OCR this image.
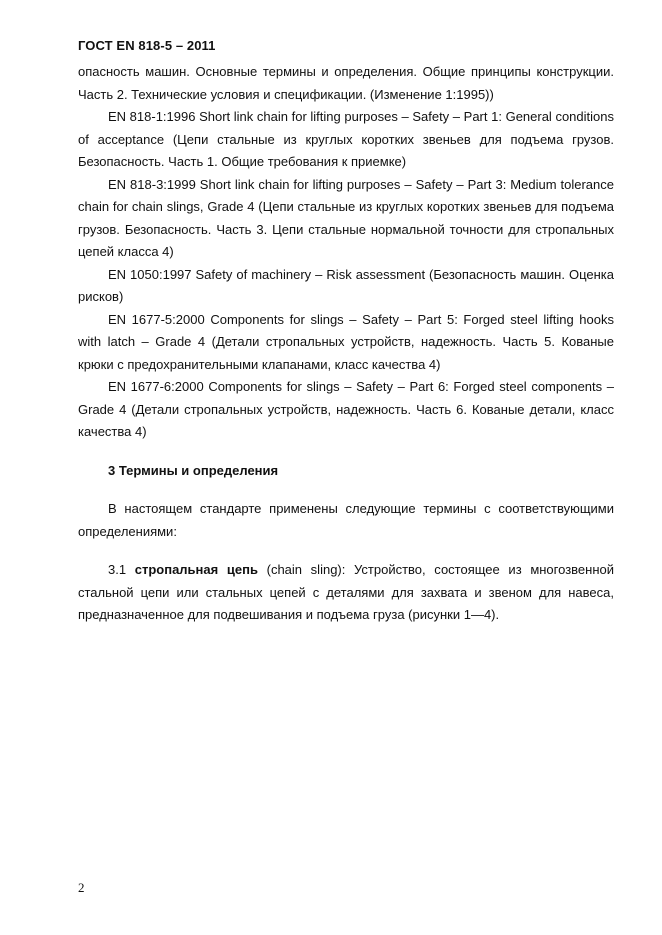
ГОСТ EN 818-5 – 2011

опасность машин. Основные термины и определения. Общие принципы конструкции. Часть 2. Технические условия и спецификации. (Изменение 1:1995))

EN 818-1:1996 Short link chain for lifting purposes – Safety – Part 1: General conditions of acceptance (Цепи стальные из круглых коротких звеньев для подъема грузов. Безопасность. Часть 1. Общие требования к приемке)

EN 818-3:1999 Short link chain for lifting purposes – Safety – Part 3: Medium tolerance chain for chain slings, Grade 4 (Цепи стальные из круглых коротких звеньев для подъема грузов. Безопасность. Часть 3. Цепи стальные нормальной точности для стропальных цепей класса 4)

EN 1050:1997 Safety of machinery – Risk assessment (Безопасность машин. Оценка рисков)

EN 1677-5:2000 Components for slings – Safety – Part 5: Forged steel lifting hooks with latch – Grade 4 (Детали стропальных устройств, надежность. Часть 5. Кованые крюки с предохранительными клапанами, класс качества 4)

EN 1677-6:2000 Components for slings – Safety – Part 6: Forged steel components – Grade 4 (Детали стропальных устройств, надежность. Часть 6. Кованые детали, класс качества 4)

3 Термины и определения

В настоящем стандарте применены следующие термины с соответствующими определениями:

3.1 стропальная цепь (chain sling): Устройство, состоящее из многозвенной стальной цепи или стальных цепей с деталями для захвата и звеном для навеса, предназначенное для подвешивания и подъема груза (рисунки 1—4).

2
